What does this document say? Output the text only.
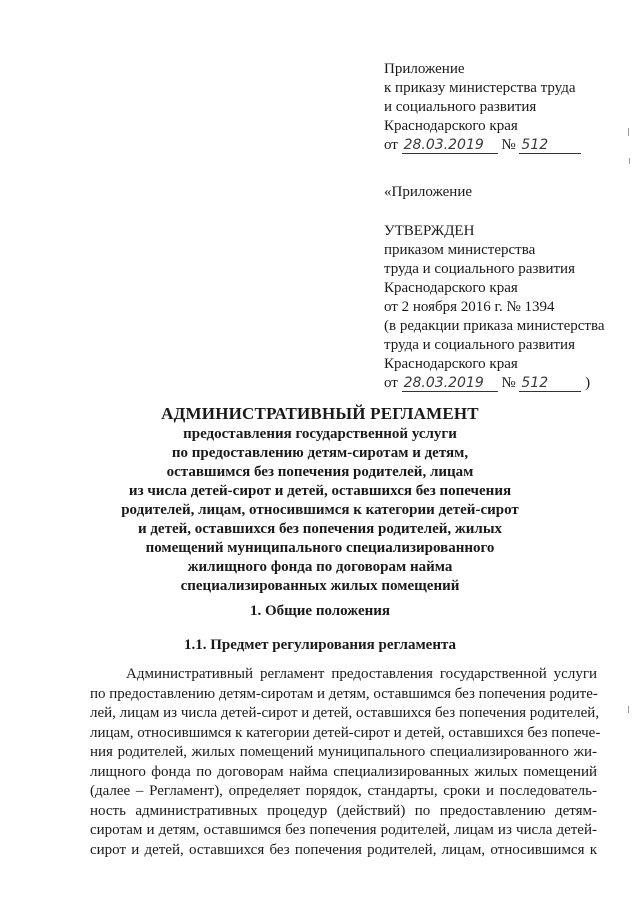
Приложение
к приказу министерства труда
и социального развития
Краснодарского края
от 28.03.2019 № 512
«Приложение
УТВЕРЖДЕН
приказом министерства
труда и социального развития
Краснодарского края
от 2 ноября 2016 г. № 1394
(в редакции приказа министерства
труда и социального развития
Краснодарского края
от 28.03.2019 № 512 )
АДМИНИСТРАТИВНЫЙ РЕГЛАМЕНТ
предоставления государственной услуги
по предоставлению детям-сиротам и детям,
оставшимся без попечения родителей, лицам
из числа детей-сирот и детей, оставшихся без попечения
родителей, лицам, относившимся к категории детей-сирот
и детей, оставшихся без попечения родителей, жилых
помещений муниципального специализированного
жилищного фонда по договорам найма
специализированных жилых помещений
1. Общие положения
1.1. Предмет регулирования регламента
Административный регламент предоставления государственной услуги
по предоставлению детям-сиротам и детям, оставшимся без попечения родите-
лей, лицам из числа детей-сирот и детей, оставшихся без попечения родителей,
лицам, относившимся к категории детей-сирот и детей, оставшихся без попече-
ния родителей, жилых помещений муниципального специализированного жи-
лищного фонда по договорам найма специализированных жилых помещений
(далее – Регламент), определяет порядок, стандарты, сроки и последователь-
ность административных процедур (действий) по предоставлению детям-
сиротам и детям, оставшимся без попечения родителей, лицам из числа детей-
сирот и детей, оставшихся без попечения родителей, лицам, относившимся к
